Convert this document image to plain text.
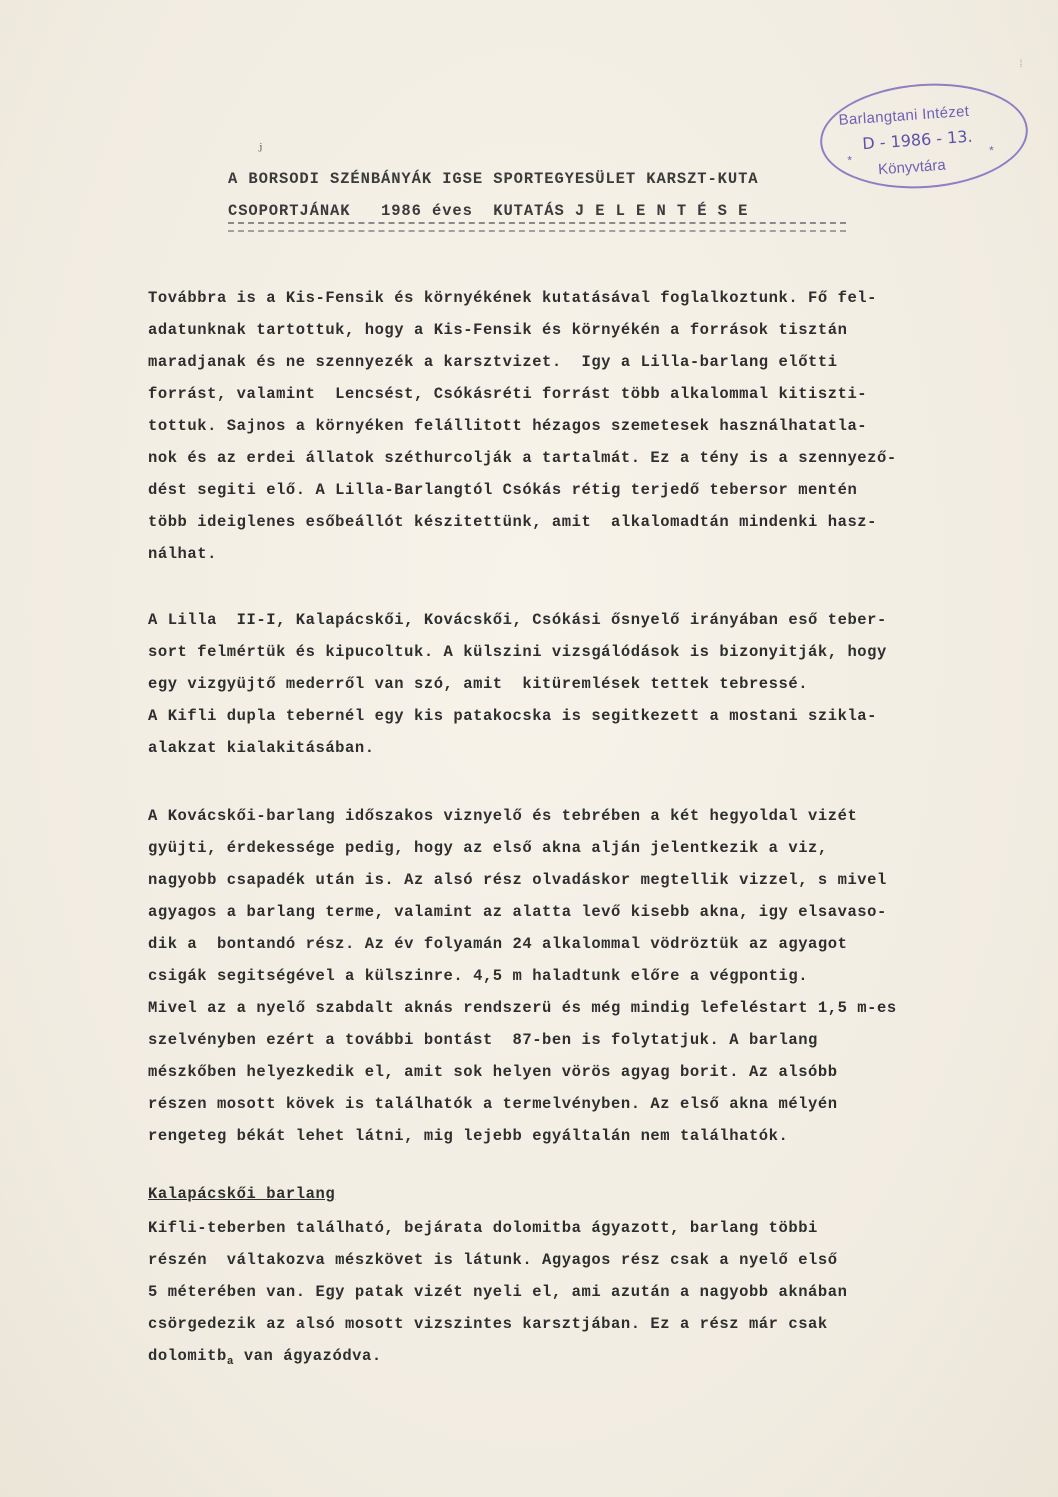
⁞
ʲ
Barlangtani Intézet
D - 1986 - 13.
*
*
Könyvtára
A BORSODI SZÉNBÁNYÁK IGSE SPORTEGYESÜLET KARSZT-KUTA
CSOPORTJÁNAK   1986 éves  KUTATÁS J E L E N T É S E
Továbbra is a Kis-Fensik és környékének kutatásával foglalkoztunk. Fő fel-
adatunknak tartottuk, hogy a Kis-Fensik és környékén a források tisztán
maradjanak és ne szennyezék a karsztvizet.  Igy a Lilla-barlang előtti
forrást, valamint  Lencsést, Csókásréti forrást több alkalommal kitiszti-
tottuk. Sajnos a környéken felállitott hézagos szemetesek használhatatla-
nok és az erdei állatok széthurcolják a tartalmát. Ez a tény is a szennyező-
dést segiti elő. A Lilla-Barlangtól Csókás rétig terjedő tebersor mentén
több ideiglenes esőbeállót készitettünk, amit  alkalomadtán mindenki hasz-
nálhat.
A Lilla  II-I, Kalapácskői, Kovácskői, Csókási ősnyelő irányában eső teber-
sort felmértük és kipucoltuk. A külszini vizsgálódások is bizonyitják, hogy
egy vizgyüjtő mederről van szó, amit  kitüremlések tettek tebressé.
A Kifli dupla tebernél egy kis patakocska is segitkezett a mostani szikla-
alakzat kialakitásában.
A Kovácskői-barlang időszakos viznyelő és tebrében a két hegyoldal vizét
gyüjti, érdekessége pedig, hogy az első akna alján jelentkezik a viz,
nagyobb csapadék után is. Az alsó rész olvadáskor megtellik vizzel, s mivel
agyagos a barlang terme, valamint az alatta levő kisebb akna, igy elsavaso-
dik a  bontandó rész. Az év folyamán 24 alkalommal vödröztük az agyagot
csigák segitségével a külszinre. 4,5 m haladtunk előre a végpontig.
Mivel az a nyelő szabdalt aknás rendszerü és még mindig lefeléstart 1,5 m-es
szelvényben ezért a további bontást  87-ben is folytatjuk. A barlang
mészkőben helyezkedik el, amit sok helyen vörös agyag borit. Az alsóbb
részen mosott kövek is találhatók a termelvényben. Az első akna mélyén
rengeteg békát lehet látni, mig lejebb egyáltalán nem találhatók.
Kalapácskői barlang
Kifli-teberben található, bejárata dolomitba ágyazott, barlang többi
részén  váltakozva mészkövet is látunk. Agyagos rész csak a nyelő első
5 méterében van. Egy patak vizét nyeli el, ami azután a nagyobb aknában
csörgedezik az alsó mosott vizszintes karsztjában. Ez a rész már csak
dolomitb$_a$ van ágyazódva.
